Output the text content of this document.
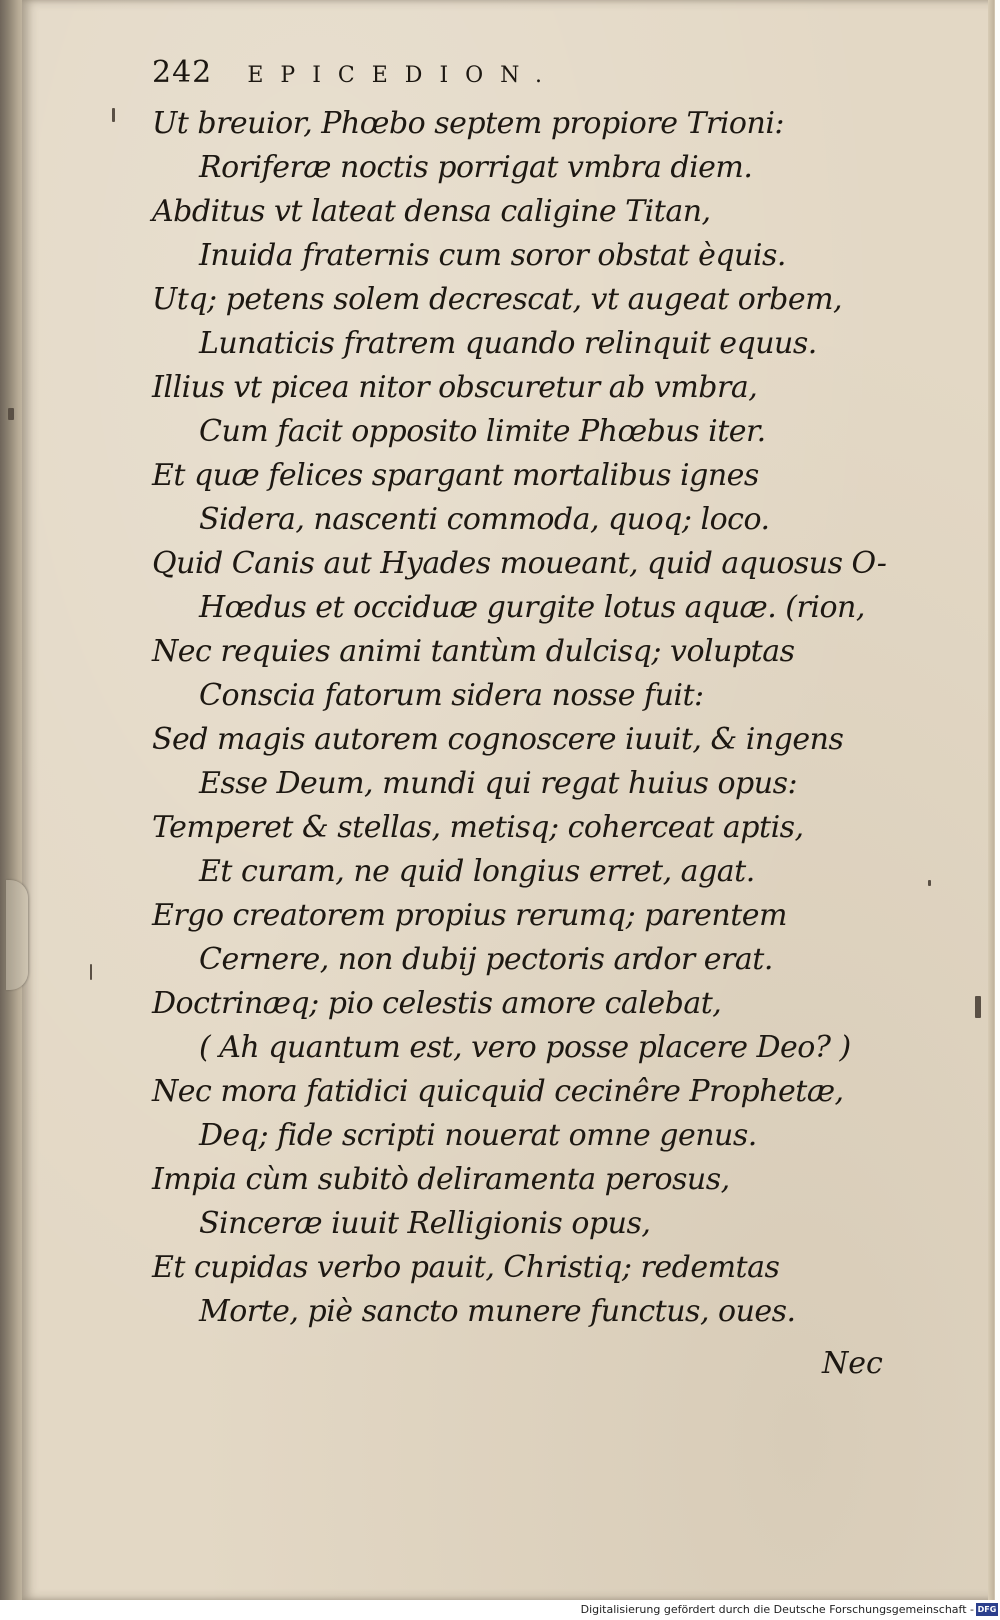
242 EPICEDION.
Ut breuior, Phœbo septem propiore Trioni:
Roriferæ noctis porrigat vmbra diem.
Abditus vt lateat densa caligine Titan,
Inuida fraternis cum soror obstat èquis.
Utq; petens solem decrescat, vt augeat orbem,
Lunaticis fratrem quando relinquit equus.
Illius vt picea nitor obscuretur ab vmbra,
Cum facit opposito limite Phœbus iter.
Et quæ felices spargant mortalibus ignes
Sidera, nascenti commoda, quoq; loco.
Quid Canis aut Hyades moueant, quid aquosus O-
Hœdus et occiduæ gurgite lotus aquæ. (rion,
Nec requies animi tantùm dulcisq; voluptas
Conscia fatorum sidera nosse fuit:
Sed magis autorem cognoscere iuuit, & ingens
Esse Deum, mundi qui regat huius opus:
Temperet & stellas, metisq; coherceat aptis,
Et curam, ne quid longius erret, agat.
Ergo creatorem propius rerumq; parentem
Cernere, non dubij pectoris ardor erat.
Doctrinæq; pio celestis amore calebat,
( Ah quantum est, vero posse placere Deo? )
Nec mora fatidici quicquid cecinêre Prophetæ,
Deq; fide scripti nouerat omne genus.
Impia cùm subitò deliramenta perosus,
Sinceræ iuuit Relligionis opus,
Et cupidas verbo pauit, Christiq; redemtas
Morte, piè sancto munere functus, oues.
Nec
Digitalisierung gefördert durch die Deutsche Forschungsgemeinschaft - DFG
